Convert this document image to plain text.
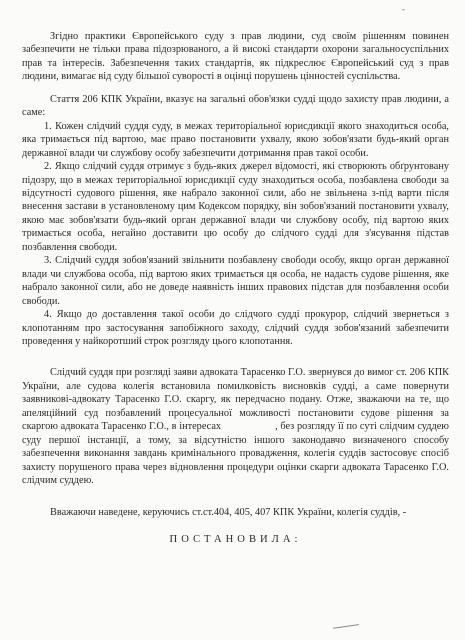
-

Згідно практики Європейського суду з прав людини, суд своїм рішенням повинен забезпечити не тільки права підозрюваного, а й високі стандарти охорони загальносуспільних прав та інтересів. Забезпечення таких стандартів, як підкреслює Європейський суд з прав людини, вимагає від суду більшої суворості в оцінці порушень цінностей суспільства.

Стаття 206 КПК України, вказує на загальні обов'язки судді щодо захисту прав людини, а саме:

1. Кожен слідчий суддя суду, в межах територіальної юрисдикції якого знаходиться особа, яка тримається під вартою, має право постановити ухвалу, якою зобов'язати будь-який орган державної влади чи службову особу забезпечити дотримання прав такої особи.

2. Якщо слідчий суддя отримує з будь-яких джерел відомості, які створюють обґрунтовану підозру, що в межах територіальної юрисдикції суду знаходиться особа, позбавлена свободи за відсутності судового рішення, яке набрало законної сили, або не звільнена з-під варти після внесення застави в установленому цим Кодексом порядку, він зобов'язаний постановити ухвалу, якою має зобов'язати будь-який орган державної влади чи службову особу, під вартою яких тримається особа, негайно доставити цю особу до слідчого судді для з'ясування підстав позбавлення свободи.

3. Слідчий суддя зобов'язаний звільнити позбавлену свободи особу, якщо орган державної влади чи службова особа, під вартою яких тримається ця особа, не надасть судове рішення, яке набрало законної сили, або не доведе наявність інших правових підстав для позбавлення особи свободи.

4. Якщо до доставлення такої особи до слідчого судді прокурор, слідчий звернеться з клопотанням про застосування запобіжного заходу, слідчий суддя зобов'язаний забезпечити проведення у найкоротший строк розгляду цього клопотання.

Слідчий суддя при розгляді заяви адвоката Тарасенко Г.О. звернувся до вимог ст. 206 КПК України, але судова колегія встановила помилковість висновків судді, а саме повернути заявникові-адвокату Тарасенко Г.О. скаргу, як передчасно подану. Отже, зважаючи на те, що апеляційний суд позбавлений процесуальної можливості постановити судове рішення за скаргою адвоката Тарасенко Г.О., в інтересах	, без розгляду її по суті слідчим суддею суду першої інстанції, а тому, за відсутністю іншого законодавчо визначеного способу забезпечення виконання завдань кримінального провадження, колегія суддів застосовує спосіб захисту порушеного права через відновлення процедури оцінки скарги адвоката Тарасенко Г.О. слідчим суддею.

Вважаючи наведене, керуючись ст.ст.404, 405, 407 КПК України, колегія суддів, -

ПОСТАНОВИЛА:
